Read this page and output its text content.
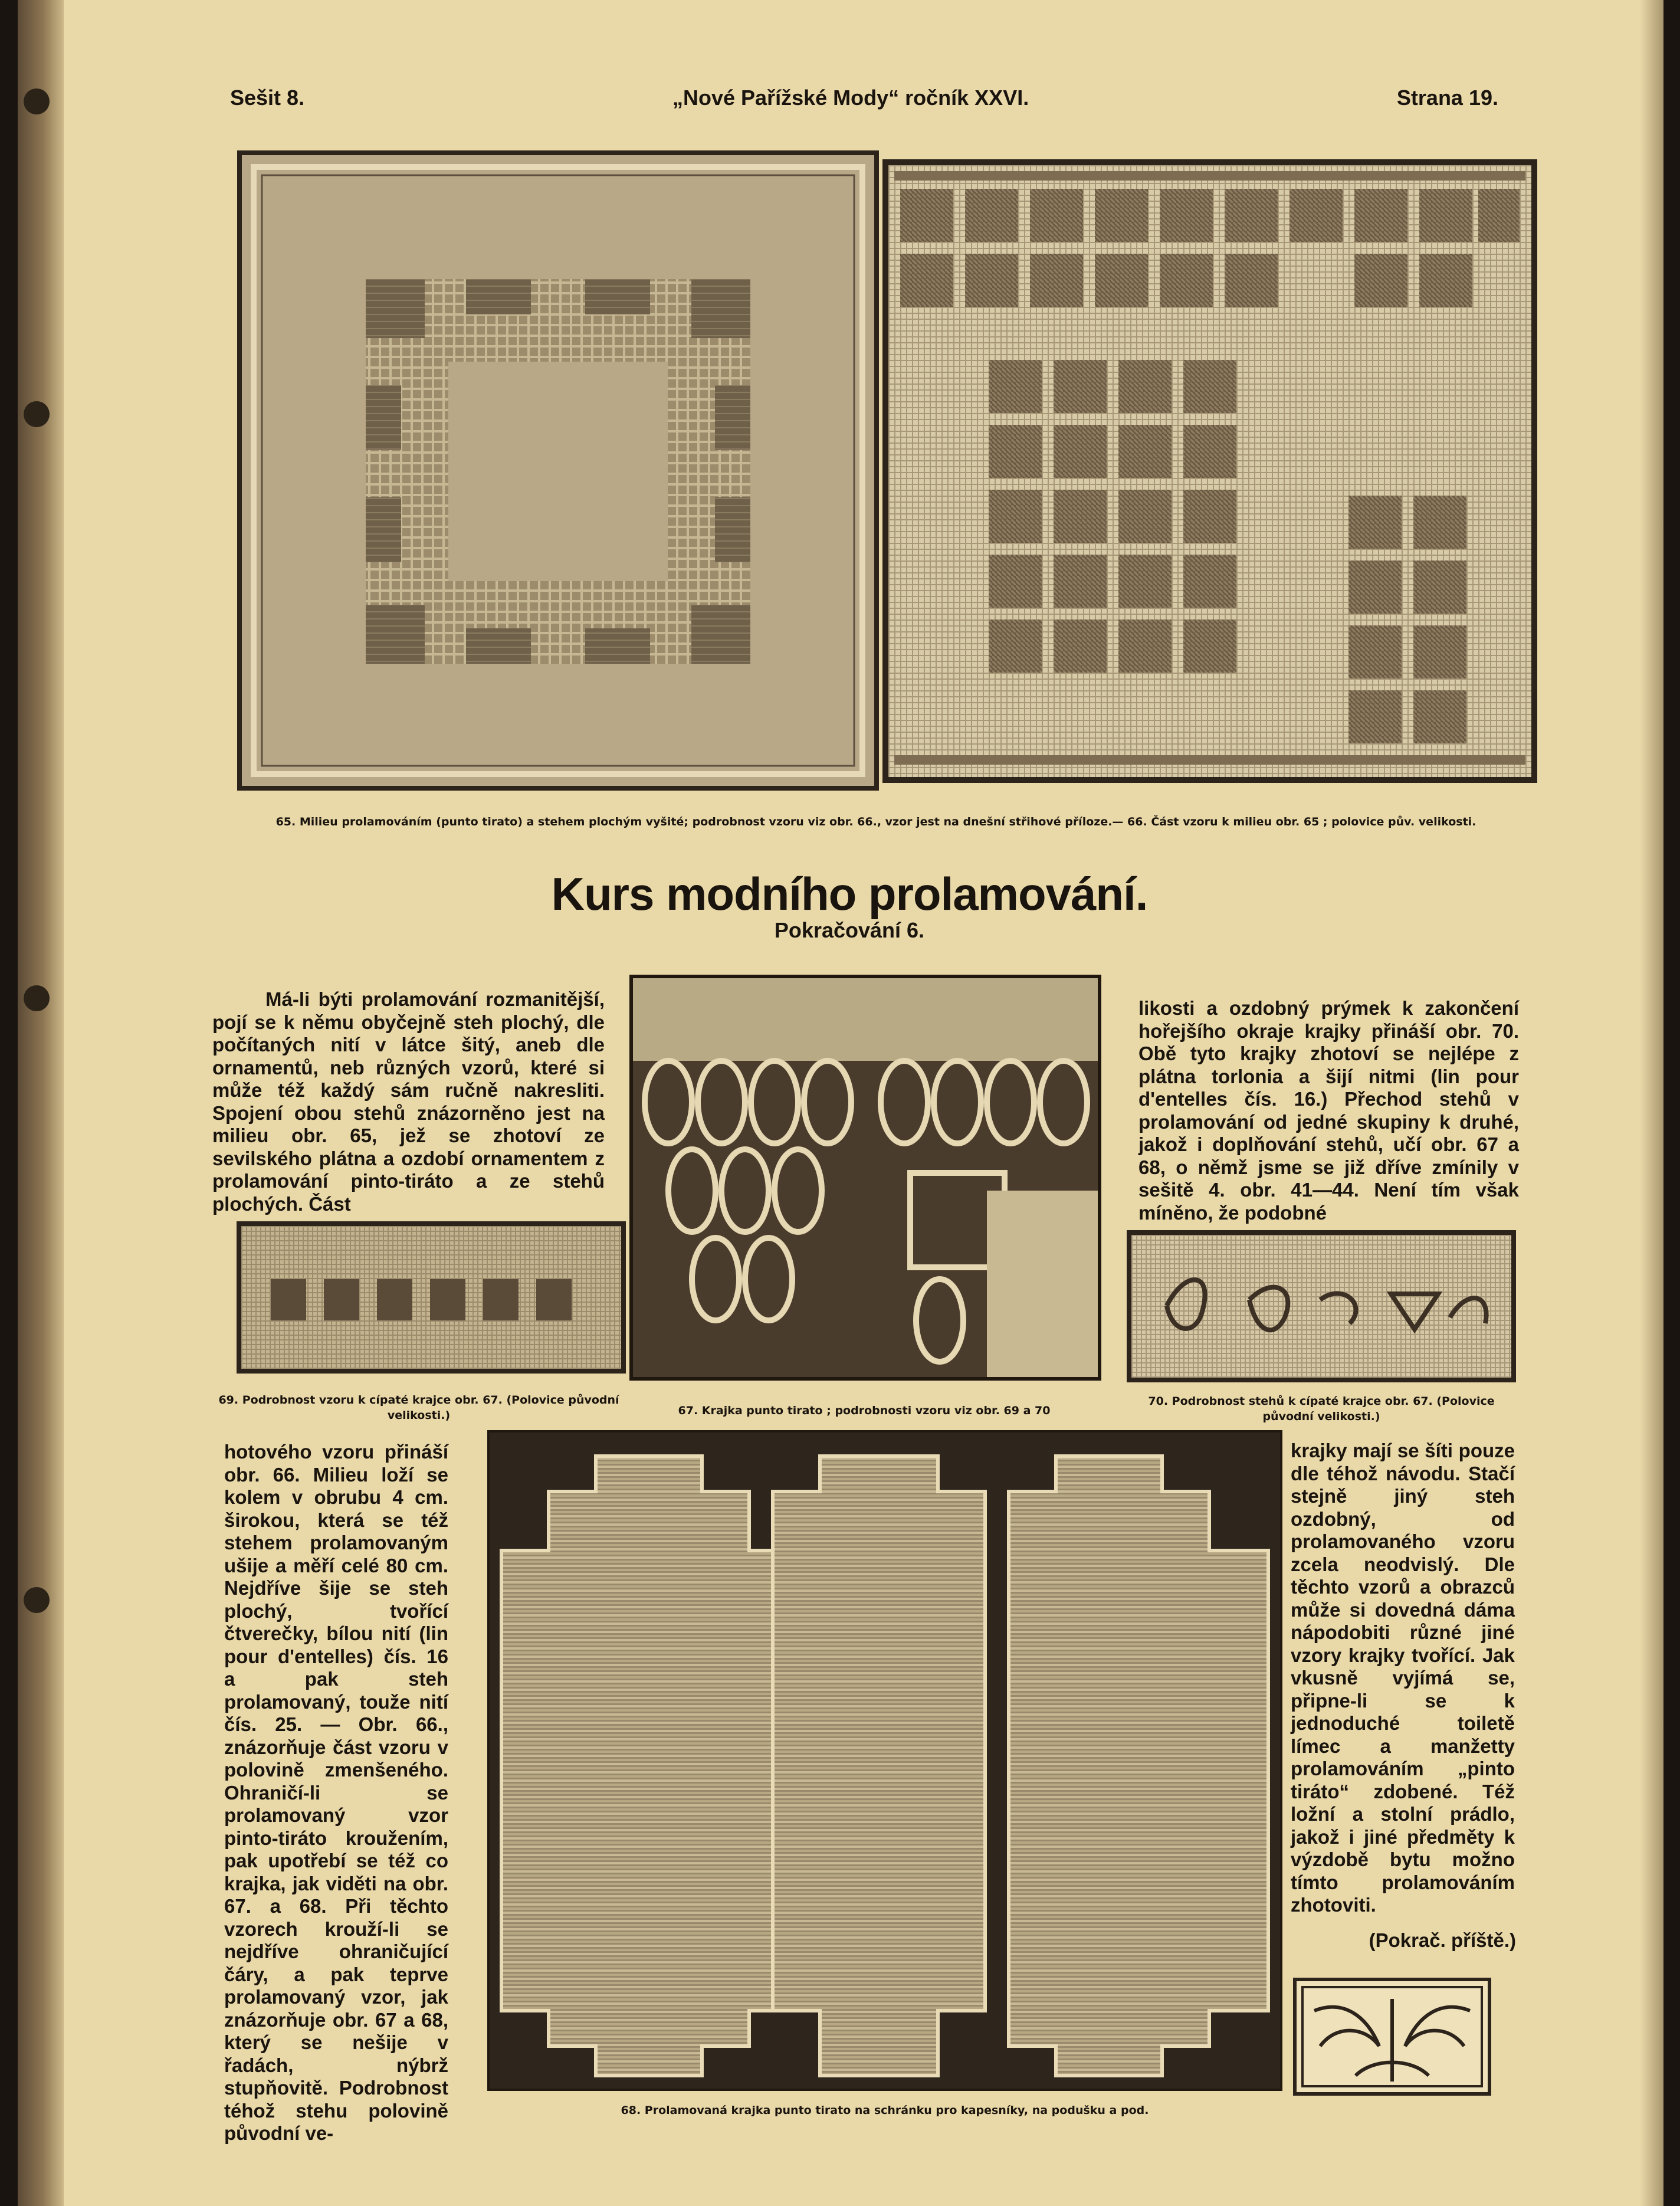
Sešit 8.	„Nové Pařížské Mody“ ročník XXVI.	Strana 19.
65. Milieu prolamováním (punto tirato) a stehem plochým vyšité; podrobnost vzoru viz obr. 66., vzor jest na dnešní střihové příloze.— 66. Část vzoru k milieu obr. 65 ; polovice pův. velikosti.
Kurs modního prolamování.
Pokračování 6.
Má-li býti prolamování rozmanitější, pojí se k němu obyčejně steh plochý, dle počítaných nití v látce šitý, aneb dle ornamentů, neb různých vzorů, které si může též každý sám ručně nakresliti. Spojení obou stehů znázorněno jest na milieu obr. 65, jež se zhotoví ze sevilského plátna a ozdobí ornamentem z prolamování pinto-tiráto a ze stehů plochých. Část
likosti a ozdobný prýmek k zakončení hořejšího okraje krajky přináší obr. 70. Obě tyto krajky zhotoví se nejlépe z plátna torlonia a šijí nitmi (lin pour d'entelles čís. 16.) Přechod stehů v prolamování od jedné skupiny k druhé, jakož i doplňování stehů, učí obr. 67 a 68, o němž jsme se již dříve zmínily v sešitě 4. obr. 41—44. Není tím však míněno, že podobné
69. Podrobnost vzoru k cípaté krajce obr. 67. (Polovice původní velikosti.)	67. Krajka punto tirato ; podrobnosti vzoru viz obr. 69 a 70
70. Podrobnost stehů k cípaté krajce obr. 67. (Polovice původní velikosti.)
hotového vzoru přináší obr. 66. Milieu loží se kolem v obrubu 4 cm. širokou, která se též stehem prolamovaným ušije a měří celé 80 cm. Nejdříve šije se steh plochý, tvořící čtverečky, bílou nití (lin pour d'entelles) čís. 16 a pak steh prolamovaný, touže nití čís. 25. — Obr. 66., znázorňuje část vzoru v polovině zmenšeného. Ohraničí-li se prolamovaný vzor pinto-tiráto kroužením, pak upotřebí se též co krajka, jak viděti na obr. 67. a 68. Při těchto vzorech krouží-li se nejdříve ohraničující čáry, a pak teprve prolamovaný vzor, jak znázorňuje obr. 67 a 68, který se nešije v řadách, nýbrž stupňovitě. Podrobnost téhož stehu polovině původní ve-
krajky mají se šíti pouze dle téhož návodu. Stačí stejně jiný steh ozdobný, od prolamovaného vzoru zcela neodvislý. Dle těchto vzorů a obrazců může si dovedná dáma nápodobiti různé jiné vzory krajky tvořící. Jak vkusně vyjímá se, připne-li se k jednoduché toiletě límec a manžetty prolamováním „pinto tiráto“ zdobené. Též ložní a stolní prádlo, jakož i jiné předměty k výzdobě bytu možno tímto prolamováním zhotoviti.
(Pokrač. příště.)
68. Prolamovaná krajka punto tirato na schránku pro kapesníky, na podušku a pod.
